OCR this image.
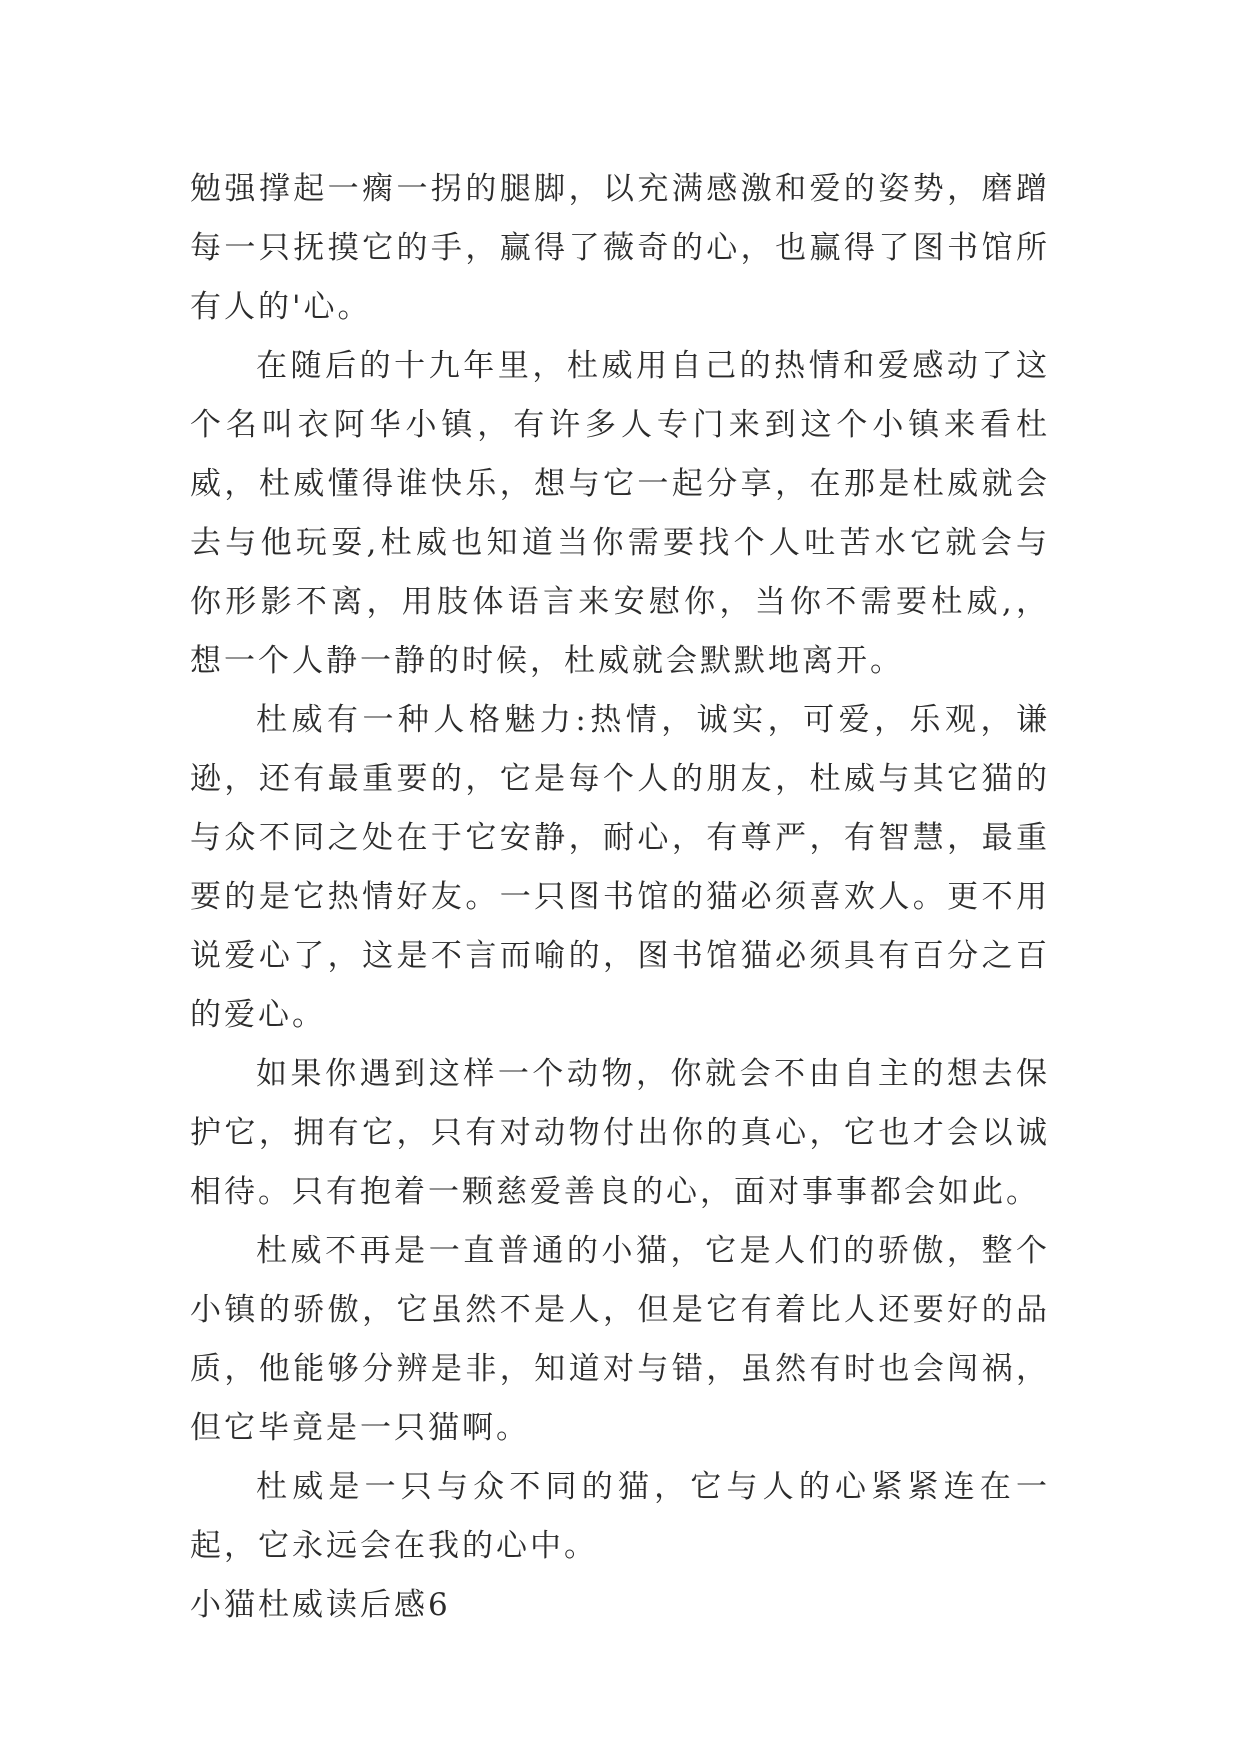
勉强撑起一瘸一拐的腿脚，以充满感激和爱的姿势，磨蹭每一只抚摸它的手，赢得了薇奇的心，也赢得了图书馆所有人的'心。

在随后的十九年里，杜威用自己的热情和爱感动了这个名叫衣阿华小镇，有许多人专门来到这个小镇来看杜威，杜威懂得谁快乐，想与它一起分享，在那是杜威就会去与他玩耍,杜威也知道当你需要找个人吐苦水它就会与你形影不离，用肢体语言来安慰你，当你不需要杜威,，想一个人静一静的时候，杜威就会默默地离开。

杜威有一种人格魅力:热情，诚实，可爱，乐观，谦逊，还有最重要的，它是每个人的朋友，杜威与其它猫的与众不同之处在于它安静，耐心，有尊严，有智慧，最重要的是它热情好友。一只图书馆的猫必须喜欢人。更不用说爱心了，这是不言而喻的，图书馆猫必须具有百分之百的爱心。

如果你遇到这样一个动物，你就会不由自主的想去保护它，拥有它，只有对动物付出你的真心，它也才会以诚相待。只有抱着一颗慈爱善良的心，面对事事都会如此。

杜威不再是一直普通的小猫，它是人们的骄傲，整个小镇的骄傲，它虽然不是人，但是它有着比人还要好的品质，他能够分辨是非，知道对与错，虽然有时也会闯祸，但它毕竟是一只猫啊。

杜威是一只与众不同的猫，它与人的心紧紧连在一起，它永远会在我的心中。

小猫杜威读后感6
